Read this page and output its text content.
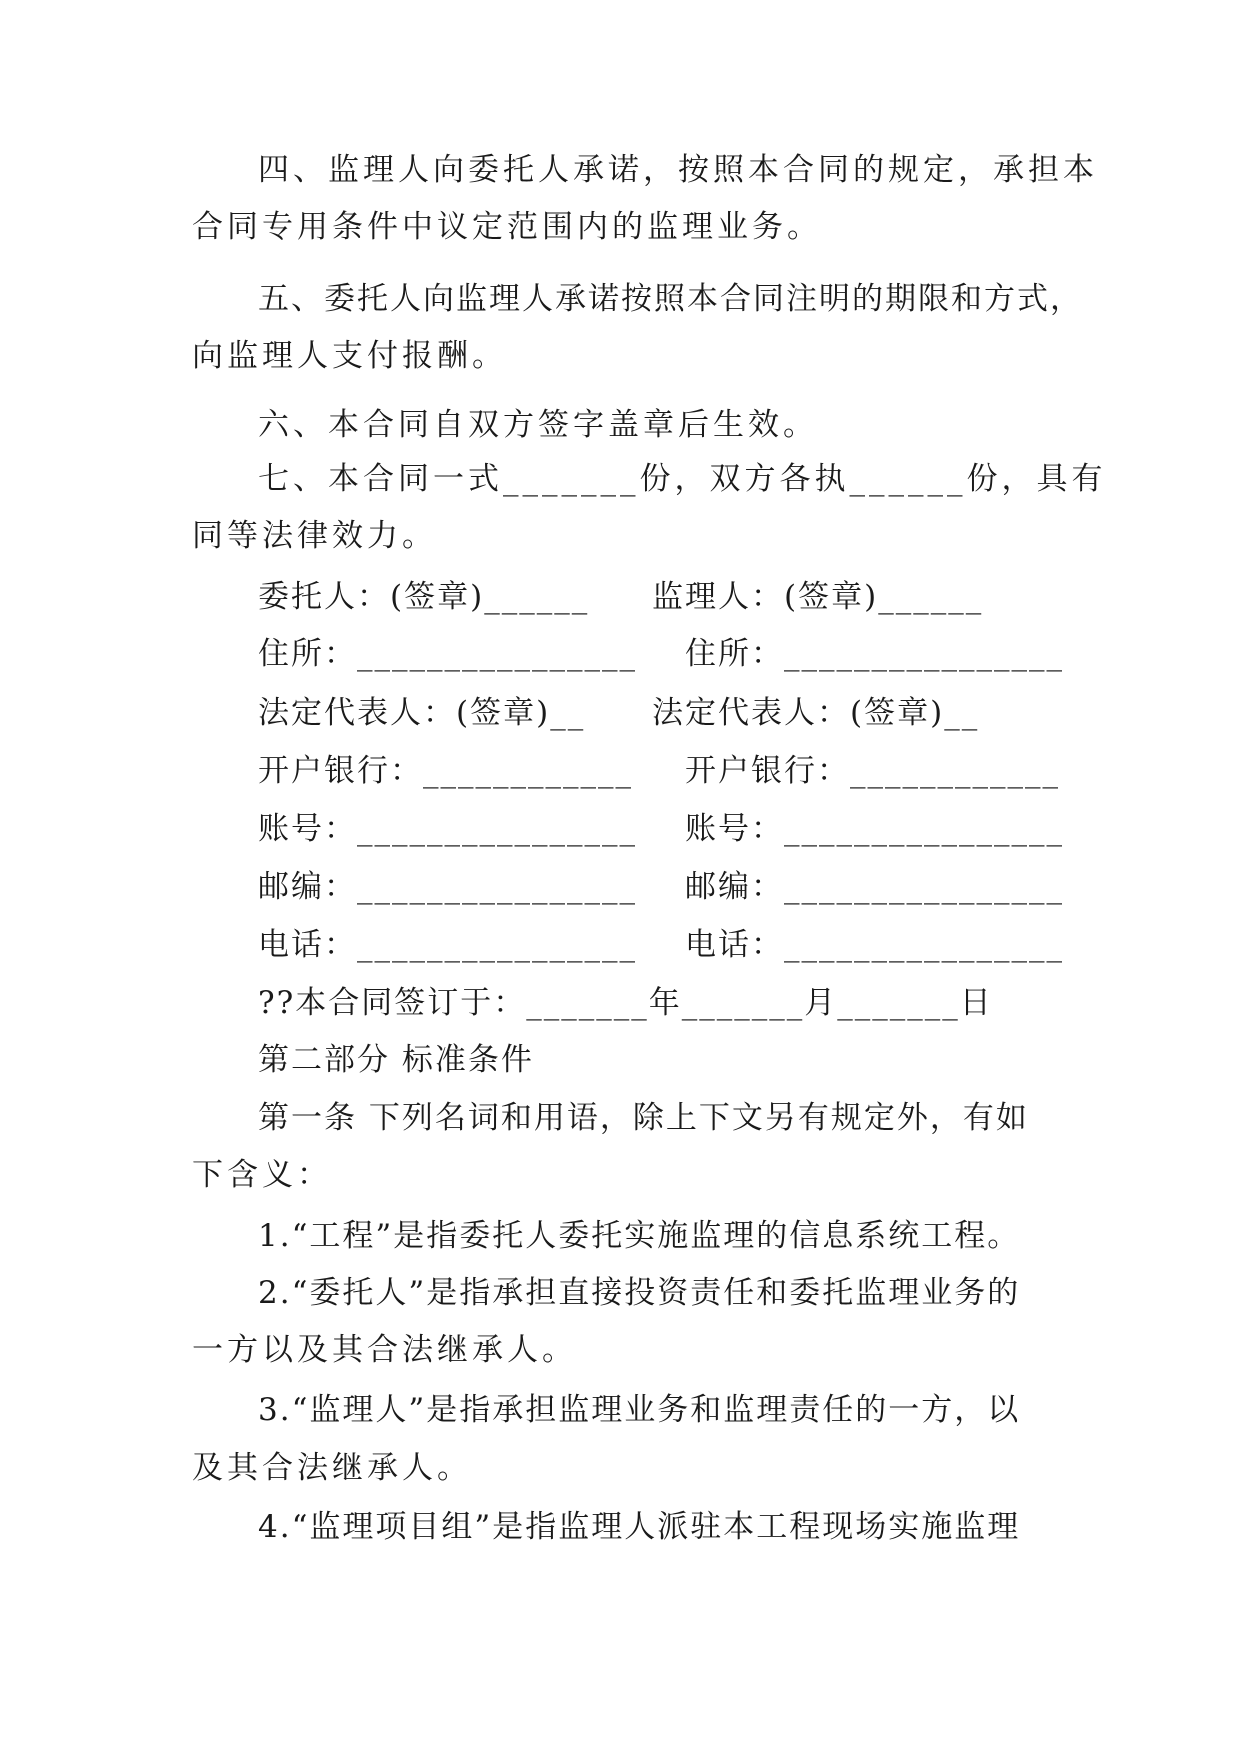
四、监理人向委托人承诺，按照本合同的规定，承担本
合同专用条件中议定范围内的监理业务。
五、委托人向监理人承诺按照本合同注明的期限和方式，
向监理人支付报酬。
六、本合同自双方签字盖章后生效。
七、本合同一式_______份，双方各执______份，具有
同等法律效力。
委托人：(签章)______
住所：________________
法定代表人：(签章)__
开户银行：____________
账号：________________
邮编：________________
电话：________________
监理人：(签章)______
住所：________________
法定代表人：(签章)__
开户银行：____________
账号：________________
邮编：________________
电话：________________
??本合同签订于：_______年_______月_______日
第二部分 标准条件
第一条 下列名词和用语，除上下文另有规定外，有如
下含义：
1.“工程”是指委托人委托实施监理的信息系统工程。
2.“委托人”是指承担直接投资责任和委托监理业务的
一方以及其合法继承人。
3.“监理人”是指承担监理业务和监理责任的一方，以
及其合法继承人。
4.“监理项目组”是指监理人派驻本工程现场实施监理
